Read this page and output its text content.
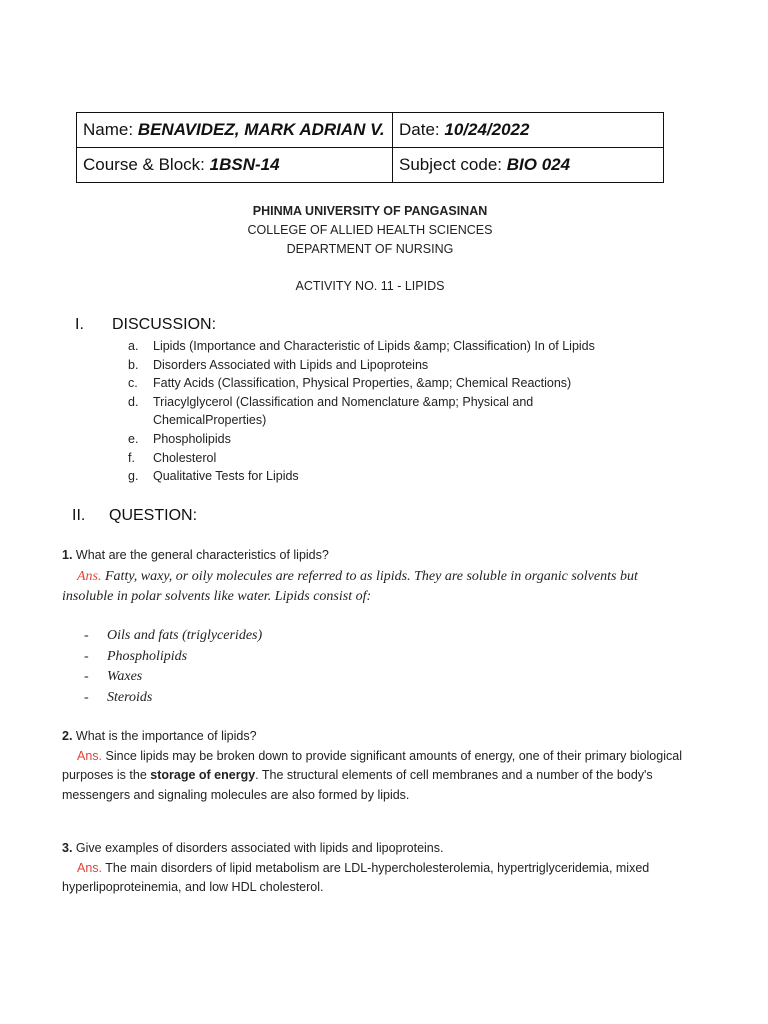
Name: BENAVIDEZ, MARK ADRIAN V.	Date: 10/24/2022
Course & Block: 1BSN-14	Subject code: BIO 024
PHINMA UNIVERSITY OF PANGASINAN
COLLEGE OF ALLIED HEALTH SCIENCES
DEPARTMENT OF NURSING
ACTIVITY NO. 11 - LIPIDS
I. DISCUSSION:
a.	Lipids (Importance and Characteristic of Lipids &amp; Classification) In of Lipids
b.	Disorders Associated with Lipids and Lipoproteins
c.	Fatty Acids (Classification, Physical Properties, &amp; Chemical Reactions)
d.	Triacylglycerol (Classification and Nomenclature &amp; Physical and ChemicalProperties)
e.	Phospholipids
f.	Cholesterol
g.	Qualitative Tests for Lipids
II. QUESTION:
1. What are the general characteristics of lipids?
Ans. Fatty, waxy, or oily molecules are referred to as lipids. They are soluble in organic solvents but insoluble in polar solvents like water. Lipids consist of:
-	Oils and fats (triglycerides)
-	Phospholipids
-	Waxes
-	Steroids
2. What is the importance of lipids?
Ans. Since lipids may be broken down to provide significant amounts of energy, one of their primary biological purposes is the storage of energy. The structural elements of cell membranes and a number of the body's messengers and signaling molecules are also formed by lipids.
3. Give examples of disorders associated with lipids and lipoproteins.
Ans. The main disorders of lipid metabolism are LDL-hypercholesterolemia, hypertriglyceridemia, mixed hyperlipoproteinemia, and low HDL cholesterol.
